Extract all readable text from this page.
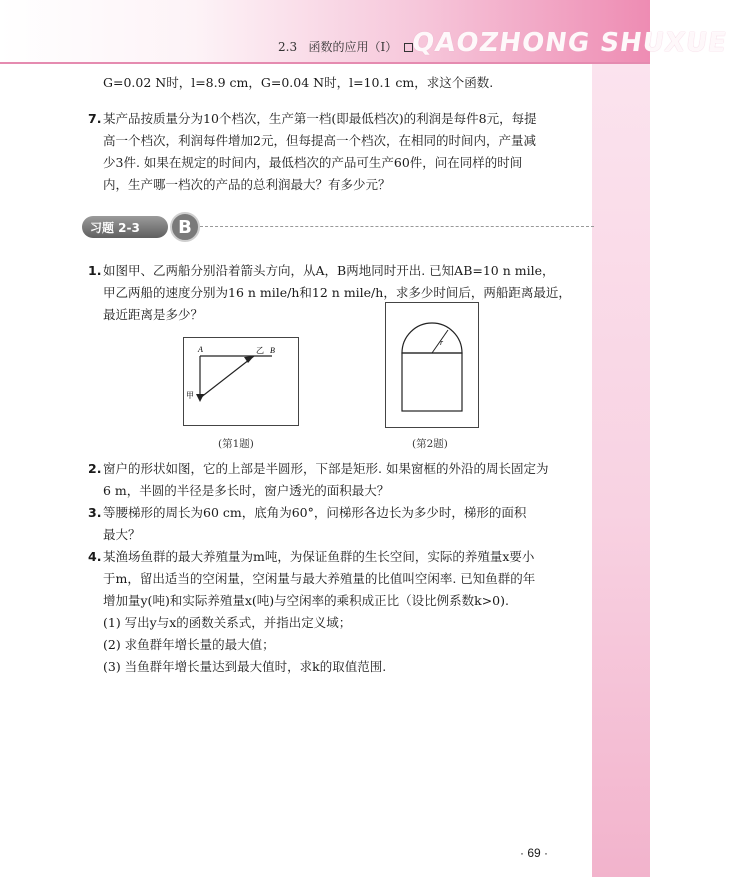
2.3 函数的应用（Ⅰ） QAOZHONG SHUXUE
G=0.02 N时，l=8.9 cm，G=0.04 N时，l=10.1 cm，求这个函数.
7. 某产品按质量分为10个档次，生产第一档(即最低档次)的利润是每件8元，每提
高一个档次，利润每件增加2元，但每提高一个档次，在相同的时间内，产量减
少3件. 如果在规定的时间内，最低档次的产品可生产60件，问在同样的时间
内，生产哪一档次的产品的总利润最大？有多少元？
习题 2-3	B
1. 如图甲、乙两船分别沿着箭头方向，从A，B两地同时开出. 已知AB=10 n mile，
甲乙两船的速度分别为16 n mile/h和12 n mile/h，求多少时间后，两船距离最近，
最近距离是多少？
A	乙 B
甲
(第1题)
r
(第2题)
2. 窗户的形状如图，它的上部是半圆形，下部是矩形. 如果窗框的外沿的周长固定为
6 m，半圆的半径是多长时，窗户透光的面积最大？
3. 等腰梯形的周长为60 cm，底角为60°，问梯形各边长为多少时，梯形的面积
最大？
4. 某渔场鱼群的最大养殖量为m吨，为保证鱼群的生长空间，实际的养殖量x要小
于m，留出适当的空闲量，空闲量与最大养殖量的比值叫空闲率. 已知鱼群的年
增加量y(吨)和实际养殖量x(吨)与空闲率的乘积成正比（设比例系数k>0).
(1) 写出y与x的函数关系式，并指出定义域；
(2) 求鱼群年增长量的最大值；
(3) 当鱼群年增长量达到最大值时，求k的取值范围.
· 69 ·
